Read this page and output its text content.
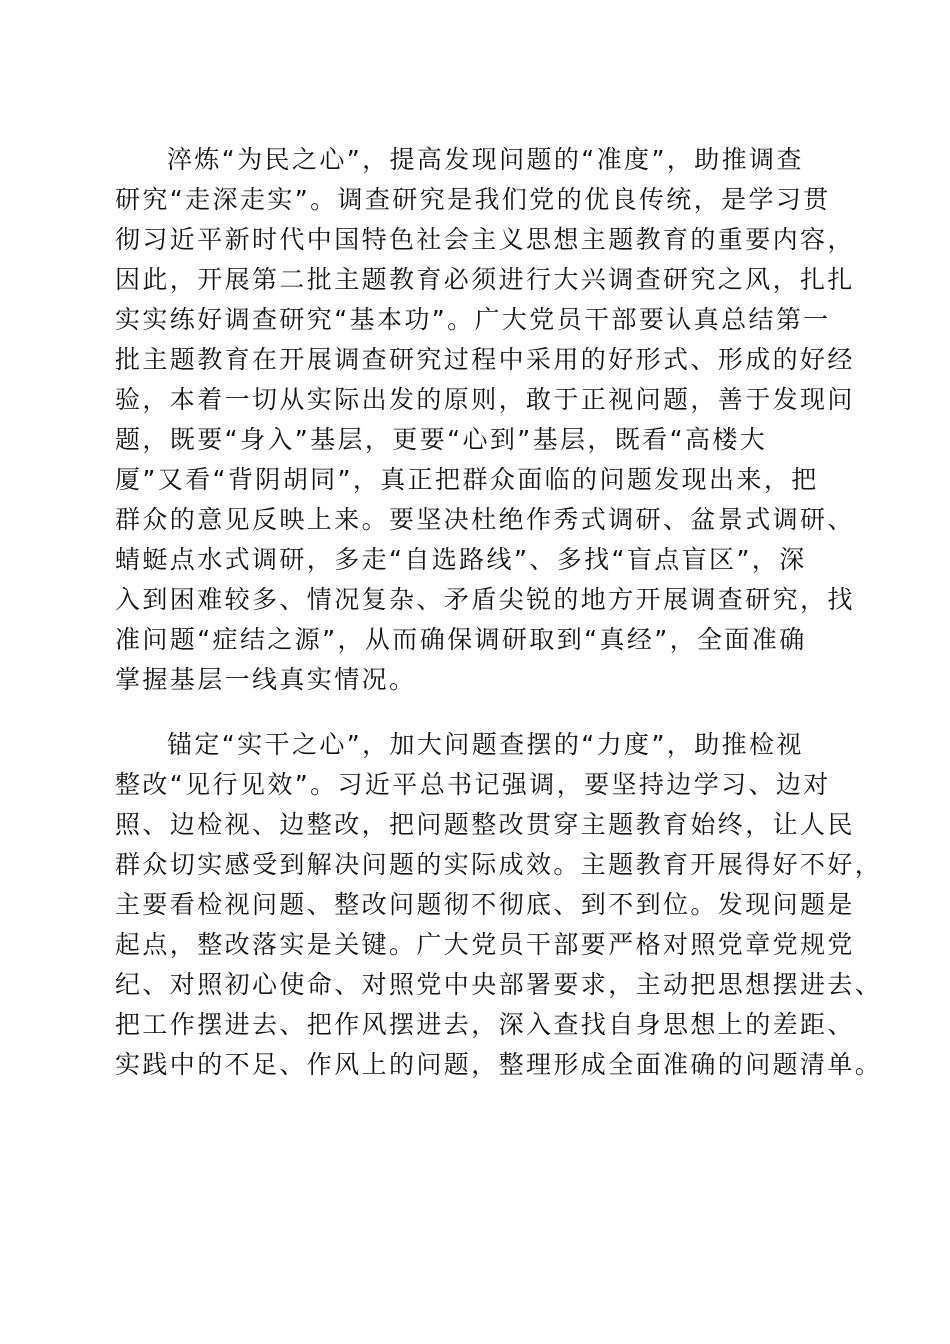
淬炼“为民之心”，提高发现问题的“准度”，助推调查
研究“走深走实”。调查研究是我们党的优良传统，是学习贯
彻习近平新时代中国特色社会主义思想主题教育的重要内容，
因此，开展第二批主题教育必须进行大兴调查研究之风，扎扎
实实练好调查研究“基本功”。广大党员干部要认真总结第一
批主题教育在开展调查研究过程中采用的好形式、形成的好经
验，本着一切从实际出发的原则，敢于正视问题，善于发现问
题，既要“身入”基层，更要“心到”基层，既看“高楼大
厦”又看“背阴胡同”，真正把群众面临的问题发现出来，把
群众的意见反映上来。要坚决杜绝作秀式调研、盆景式调研、
蜻蜓点水式调研，多走“自选路线”、多找“盲点盲区”，深
入到困难较多、情况复杂、矛盾尖锐的地方开展调查研究，找
准问题“症结之源”，从而确保调研取到“真经”，全面准确
掌握基层一线真实情况。
锚定“实干之心”，加大问题查摆的“力度”，助推检视
整改“见行见效”。习近平总书记强调，要坚持边学习、边对
照、边检视、边整改，把问题整改贯穿主题教育始终，让人民
群众切实感受到解决问题的实际成效。主题教育开展得好不好，
主要看检视问题、整改问题彻不彻底、到不到位。发现问题是
起点，整改落实是关键。广大党员干部要严格对照党章党规党
纪、对照初心使命、对照党中央部署要求，主动把思想摆进去、
把工作摆进去、把作风摆进去，深入查找自身思想上的差距、
实践中的不足、作风上的问题，整理形成全面准确的问题清单。
